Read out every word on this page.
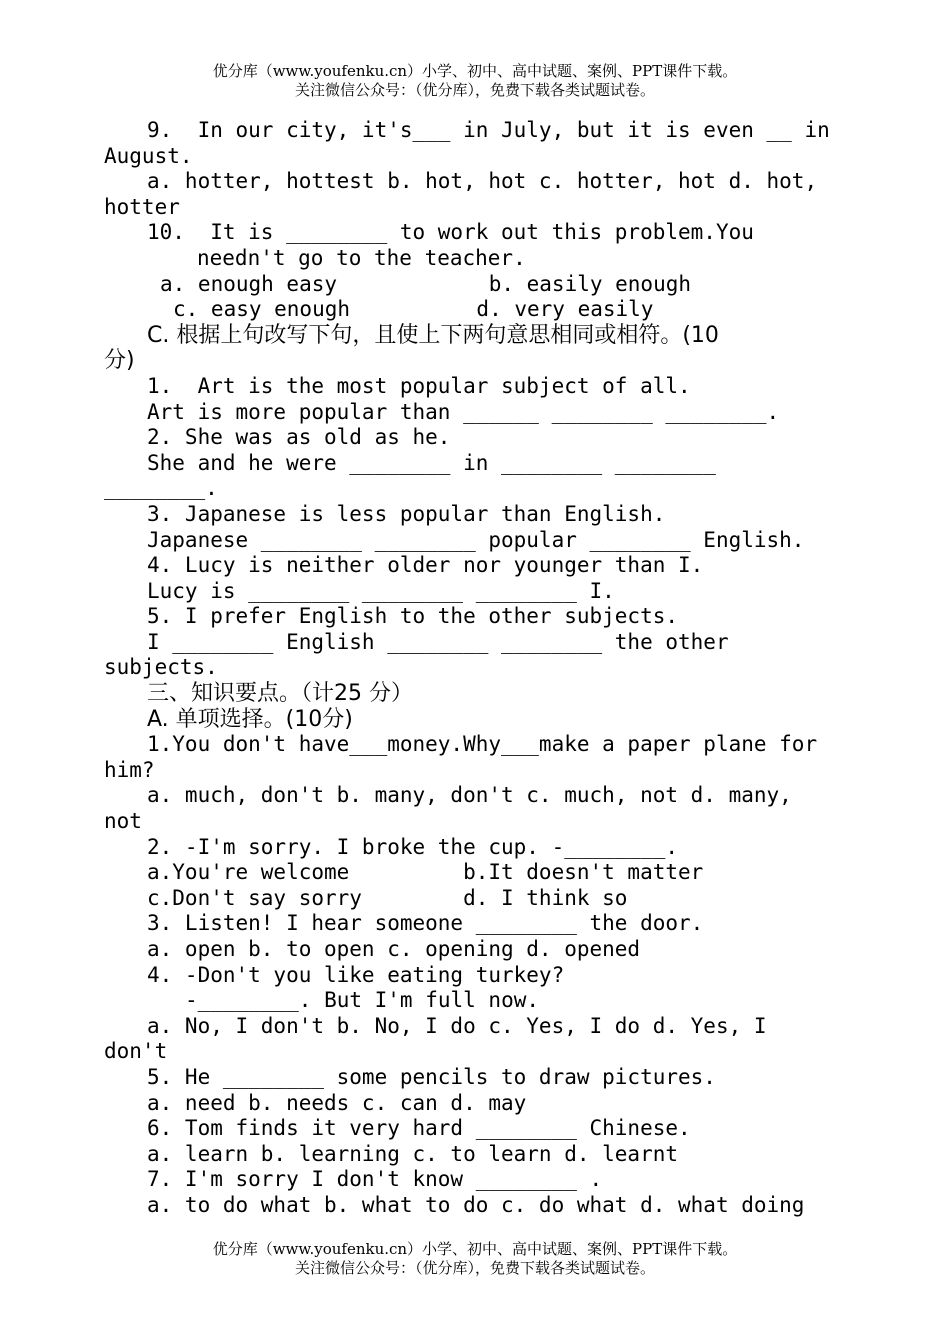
优分库（www.youfenku.cn）小学、初中、高中试题、案例、PPT课件下载。
关注微信公众号：（优分库），免费下载各类试题试卷。
9.  In our city, it's___ in July, but it is even __ in
August.
a. hotter, hottest b. hot, hot c. hotter, hot d. hot,
hotter
10.  It is ________ to work out this problem.You
needn't go to the teacher.
a. enough easy            b. easily enough
c. easy enough          d. very easily
C. 根据上句改写下句，且使上下两句意思相同或相符。(10
分)
1.  Art is the most popular subject of all.
Art is more popular than ______ ________ ________.
2. She was as old as he.
She and he were ________ in ________ ________
________.
3. Japanese is less popular than English.
Japanese ________ ________ popular ________ English.
4. Lucy is neither older nor younger than I.
Lucy is ________ ________ ________ I.
5. I prefer English to the other subjects.
I ________ English ________ ________ the other
subjects.
三、知识要点。（计25 分）
A. 单项选择。(10分)
1.You don't have___money.Why___make a paper plane for
him?
a. much, don't b. many, don't c. much, not d. many,
not
2. -I'm sorry. I broke the cup. -________.
a.You're welcome         b.It doesn't matter
c.Don't say sorry        d. I think so
3. Listen! I hear someone ________ the door.
a. open b. to open c. opening d. opened
4. -Don't you like eating turkey?
-________. But I'm full now.
a. No, I don't b. No, I do c. Yes, I do d. Yes, I
don't
5. He ________ some pencils to draw pictures.
a. need b. needs c. can d. may
6. Tom finds it very hard ________ Chinese.
a. learn b. learning c. to learn d. learnt
7. I'm sorry I don't know ________ .
a. to do what b. what to do c. do what d. what doing
优分库（www.youfenku.cn）小学、初中、高中试题、案例、PPT课件下载。
关注微信公众号：（优分库），免费下载各类试题试卷。
